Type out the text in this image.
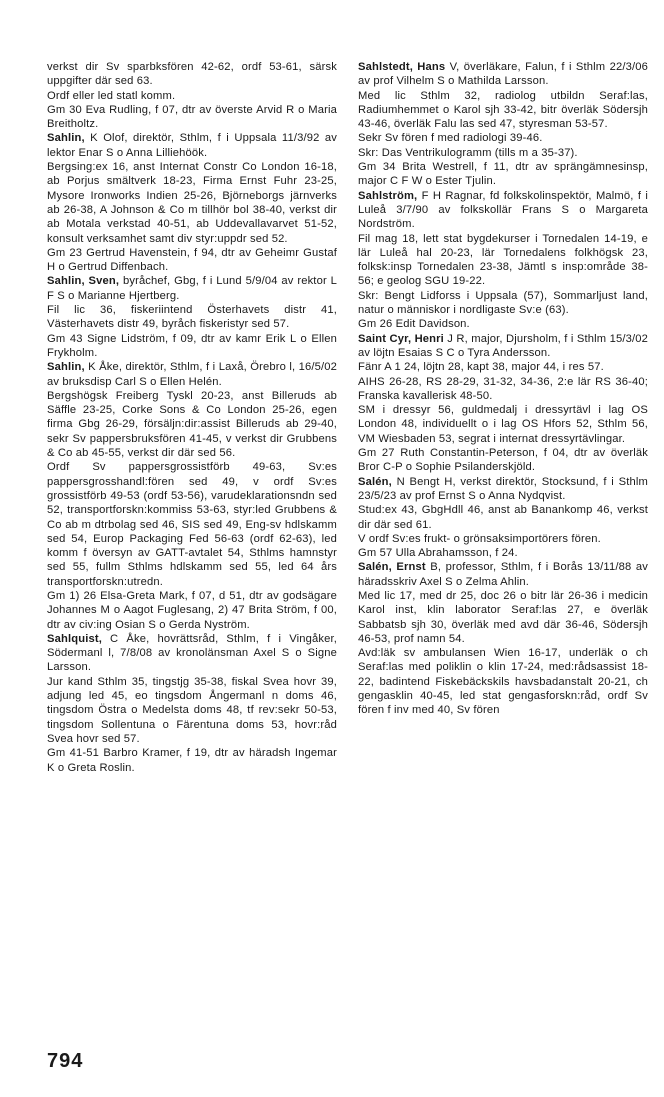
verkst dir Sv sparbksfören 42-62, ordf 53-61, särsk uppgifter där sed 63.

Ordf eller led statl komm.

Gm 30 Eva Rudling, f 07, dtr av överste Arvid R o Maria Breitholtz.

Sahlin, K Olof, direktör, Sthlm, f i Uppsala 11/3/92 av lektor Enar S o Anna Lilliehöök.

Bergsing:ex 16, anst Internat Constr Co London 16-18, ab Porjus smältverk 18-23, Firma Ernst Fuhr 23-25, Mysore Ironworks Indien 25-26, Björneborgs järnverks ab 26-38, A Johnson & Co m tillhör bol 38-40, verkst dir ab Motala verkstad 40-51, ab Uddevallavarvet 51-52, konsult verksamhet samt div styr:uppdr sed 52.

Gm 23 Gertrud Havenstein, f 94, dtr av Geheimr Gustaf H o Gertrud Diffenbach.

Sahlin, Sven, byråchef, Gbg, f i Lund 5/9/04 av rektor L F S o Marianne Hjertberg.

Fil lic 36, fiskeriintend Österhavets distr 41, Västerhavets distr 49, byråch fiskeristyr sed 57.

Gm 43 Signe Lidström, f 09, dtr av kamr Erik L o Ellen Frykholm.

Sahlin, K Åke, direktör, Sthlm, f i Laxå, Örebro l, 16/5/02 av bruksdisp Carl S o Ellen Helén.

Bergshögsk Freiberg Tyskl 20-23, anst Billeruds ab Säffle 23-25, Corke Sons & Co London 25-26, egen firma Gbg 26-29, försäljn:dir:assist Billeruds ab 29-40, sekr Sv pappersbruksfören 41-45, v verkst dir Grubbens & Co ab 45-55, verkst dir där sed 56.

Ordf Sv pappersgrossistförb 49-63, Sv:es pappersgrosshandl:fören sed 49, v ordf Sv:es grossistförb 49-53 (ordf 53-56), varudeklarationsndn sed 52, transportforskn:kommiss 53-63, styr:led Grubbens & Co ab m dtrbolag sed 46, SIS sed 49, Eng-sv hdlskamm sed 54, Europ Packaging Fed 56-63 (ordf 62-63), led komm f översyn av GATT-avtalet 54, Sthlms hamnstyr sed 55, fullm Sthlms hdlskamm sed 55, led 64 års transportforskn:utredn.

Gm 1) 26 Elsa-Greta Mark, f 07, d 51, dtr av godsägare Johannes M o Aagot Fuglesang, 2) 47 Brita Ström, f 00, dtr av civ:ing Osian S o Gerda Nyström.

Sahlquist, C Åke, hovrättsråd, Sthlm, f i Vingåker, Södermanl l, 7/8/08 av kronolänsman Axel S o Signe Larsson.

Jur kand Sthlm 35, tingstjg 35-38, fiskal Svea hovr 39, adjung led 45, eo tingsdom Ångermanl n doms 46, tingsdom Östra o Medelsta doms 48, tf rev:sekr 50-53, tingsdom Sollentuna o Färentuna doms 53, hovr:råd Svea hovr sed 57.

Gm 41-51 Barbro Kramer, f 19, dtr av häradsh Ingemar K o Greta Roslin.

Sahlstedt, Hans V, överläkare, Falun, f i Sthlm 22/3/06 av prof Vilhelm S o Mathilda Larsson.

Med lic Sthlm 32, radiolog utbildn Seraf:las, Radiumhemmet o Karol sjh 33-42, bitr överläk Södersjh 43-46, överläk Falu las sed 47, styresman 53-57.

Sekr Sv fören f med radiologi 39-46.

Skr: Das Ventrikulogramm (tills m a 35-37).

Gm 34 Brita Westrell, f 11, dtr av sprängämnesinsp, major C F W o Ester Tjulin.

Sahlström, F H Ragnar, fd folkskolinspektör, Malmö, f i Luleå 3/7/90 av folkskollär Frans S o Margareta Nordström.

Fil mag 18, lett stat bygdekurser i Tornedalen 14-19, e lär Luleå hal 20-23, lär Tornedalens folkhögsk 23, folksk:insp Tornedalen 23-38, Jämtl s insp:område 38-56; e geolog SGU 19-22.

Skr: Bengt Lidforss i Uppsala (57), Sommarljust land, natur o människor i nordligaste Sv:e (63).

Gm 26 Edit Davidson.

Saint Cyr, Henri J R, major, Djursholm, f i Sthlm 15/3/02 av löjtn Esaias S C o Tyra Andersson.

Fänr A 1 24, löjtn 28, kapt 38, major 44, i res 57.

AIHS 26-28, RS 28-29, 31-32, 34-36, 2:e lär RS 36-40; Franska kavallerisk 48-50.

SM i dressyr 56, guldmedalj i dressyrtävl i lag OS London 48, individuellt o i lag OS Hfors 52, Sthlm 56, VM Wiesbaden 53, segrat i internat dressyrtävlingar.

Gm 27 Ruth Constantin-Peterson, f 04, dtr av överläk Bror C-P o Sophie Psilanderskjöld.

Salén, N Bengt H, verkst direktör, Stocksund, f i Sthlm 23/5/23 av prof Ernst S o Anna Nydqvist.

Stud:ex 43, GbgHdll 46, anst ab Banankomp 46, verkst dir där sed 61.

V ordf Sv:es frukt- o grönsaksimportörers fören.

Gm 57 Ulla Abrahamsson, f 24.

Salén, Ernst B, professor, Sthlm, f i Borås 13/11/88 av häradsskriv Axel S o Zelma Ahlin.

Med lic 17, med dr 25, doc 26 o bitr lär 26-36 i medicin Karol inst, klin laborator Seraf:las 27, e överläk Sabbatsb sjh 30, överläk med avd där 36-46, Södersjh 46-53, prof namn 54.

Avd:läk sv ambulansen Wien 16-17, underläk o ch Seraf:las med poliklin o klin 17-24, med:rådsassist 18-22, badintend Fiskebäckskils havsbadanstalt 20-21, ch gengasklin 40-45, led stat gengasforskn:råd, ordf Sv fören f inv med 40, Sv fören

794
